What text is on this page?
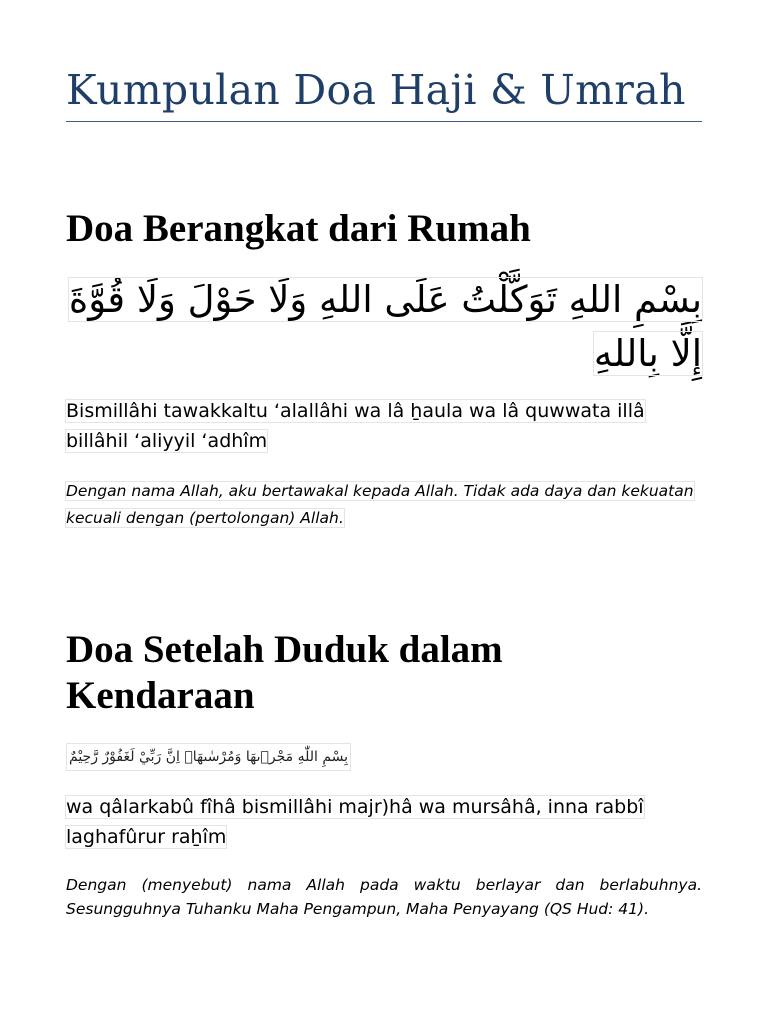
Kumpulan Doa Haji & Umrah
Doa Berangkat dari Rumah
بِسْمِ اللهِ تَوَكَّلْتُ عَلَى اللهِ وَلَا حَوْلَ وَلَا قُوَّةَ إِلَّا بِاللهِ
Bismillâhi tawakkaltu ‘alallâhi wa lâ ẖaula wa lâ quwwata illâ billâhil ‘aliyyil ‘adhîm
Dengan nama Allah, aku bertawakal kepada Allah. Tidak ada daya dan kekuatan kecuali dengan (pertolongan) Allah.
Doa Setelah Duduk dalam Kendaraan
بِسْمِ اللّٰهِ مَجْرٖىهَا وَمُرْسٰىهَاۗ اِنَّ رَبِّيْ لَغَفُوْرٌ رَّحِيْمٌ
wa qâlarkabû fîhâ bismillâhi majr)hâ wa mursâhâ, inna rabbî laghafûrur raẖîm
Dengan (menyebut) nama Allah pada waktu berlayar dan berlabuhnya. Sesungguhnya Tuhanku Maha Pengampun, Maha Penyayang (QS Hud: 41).
